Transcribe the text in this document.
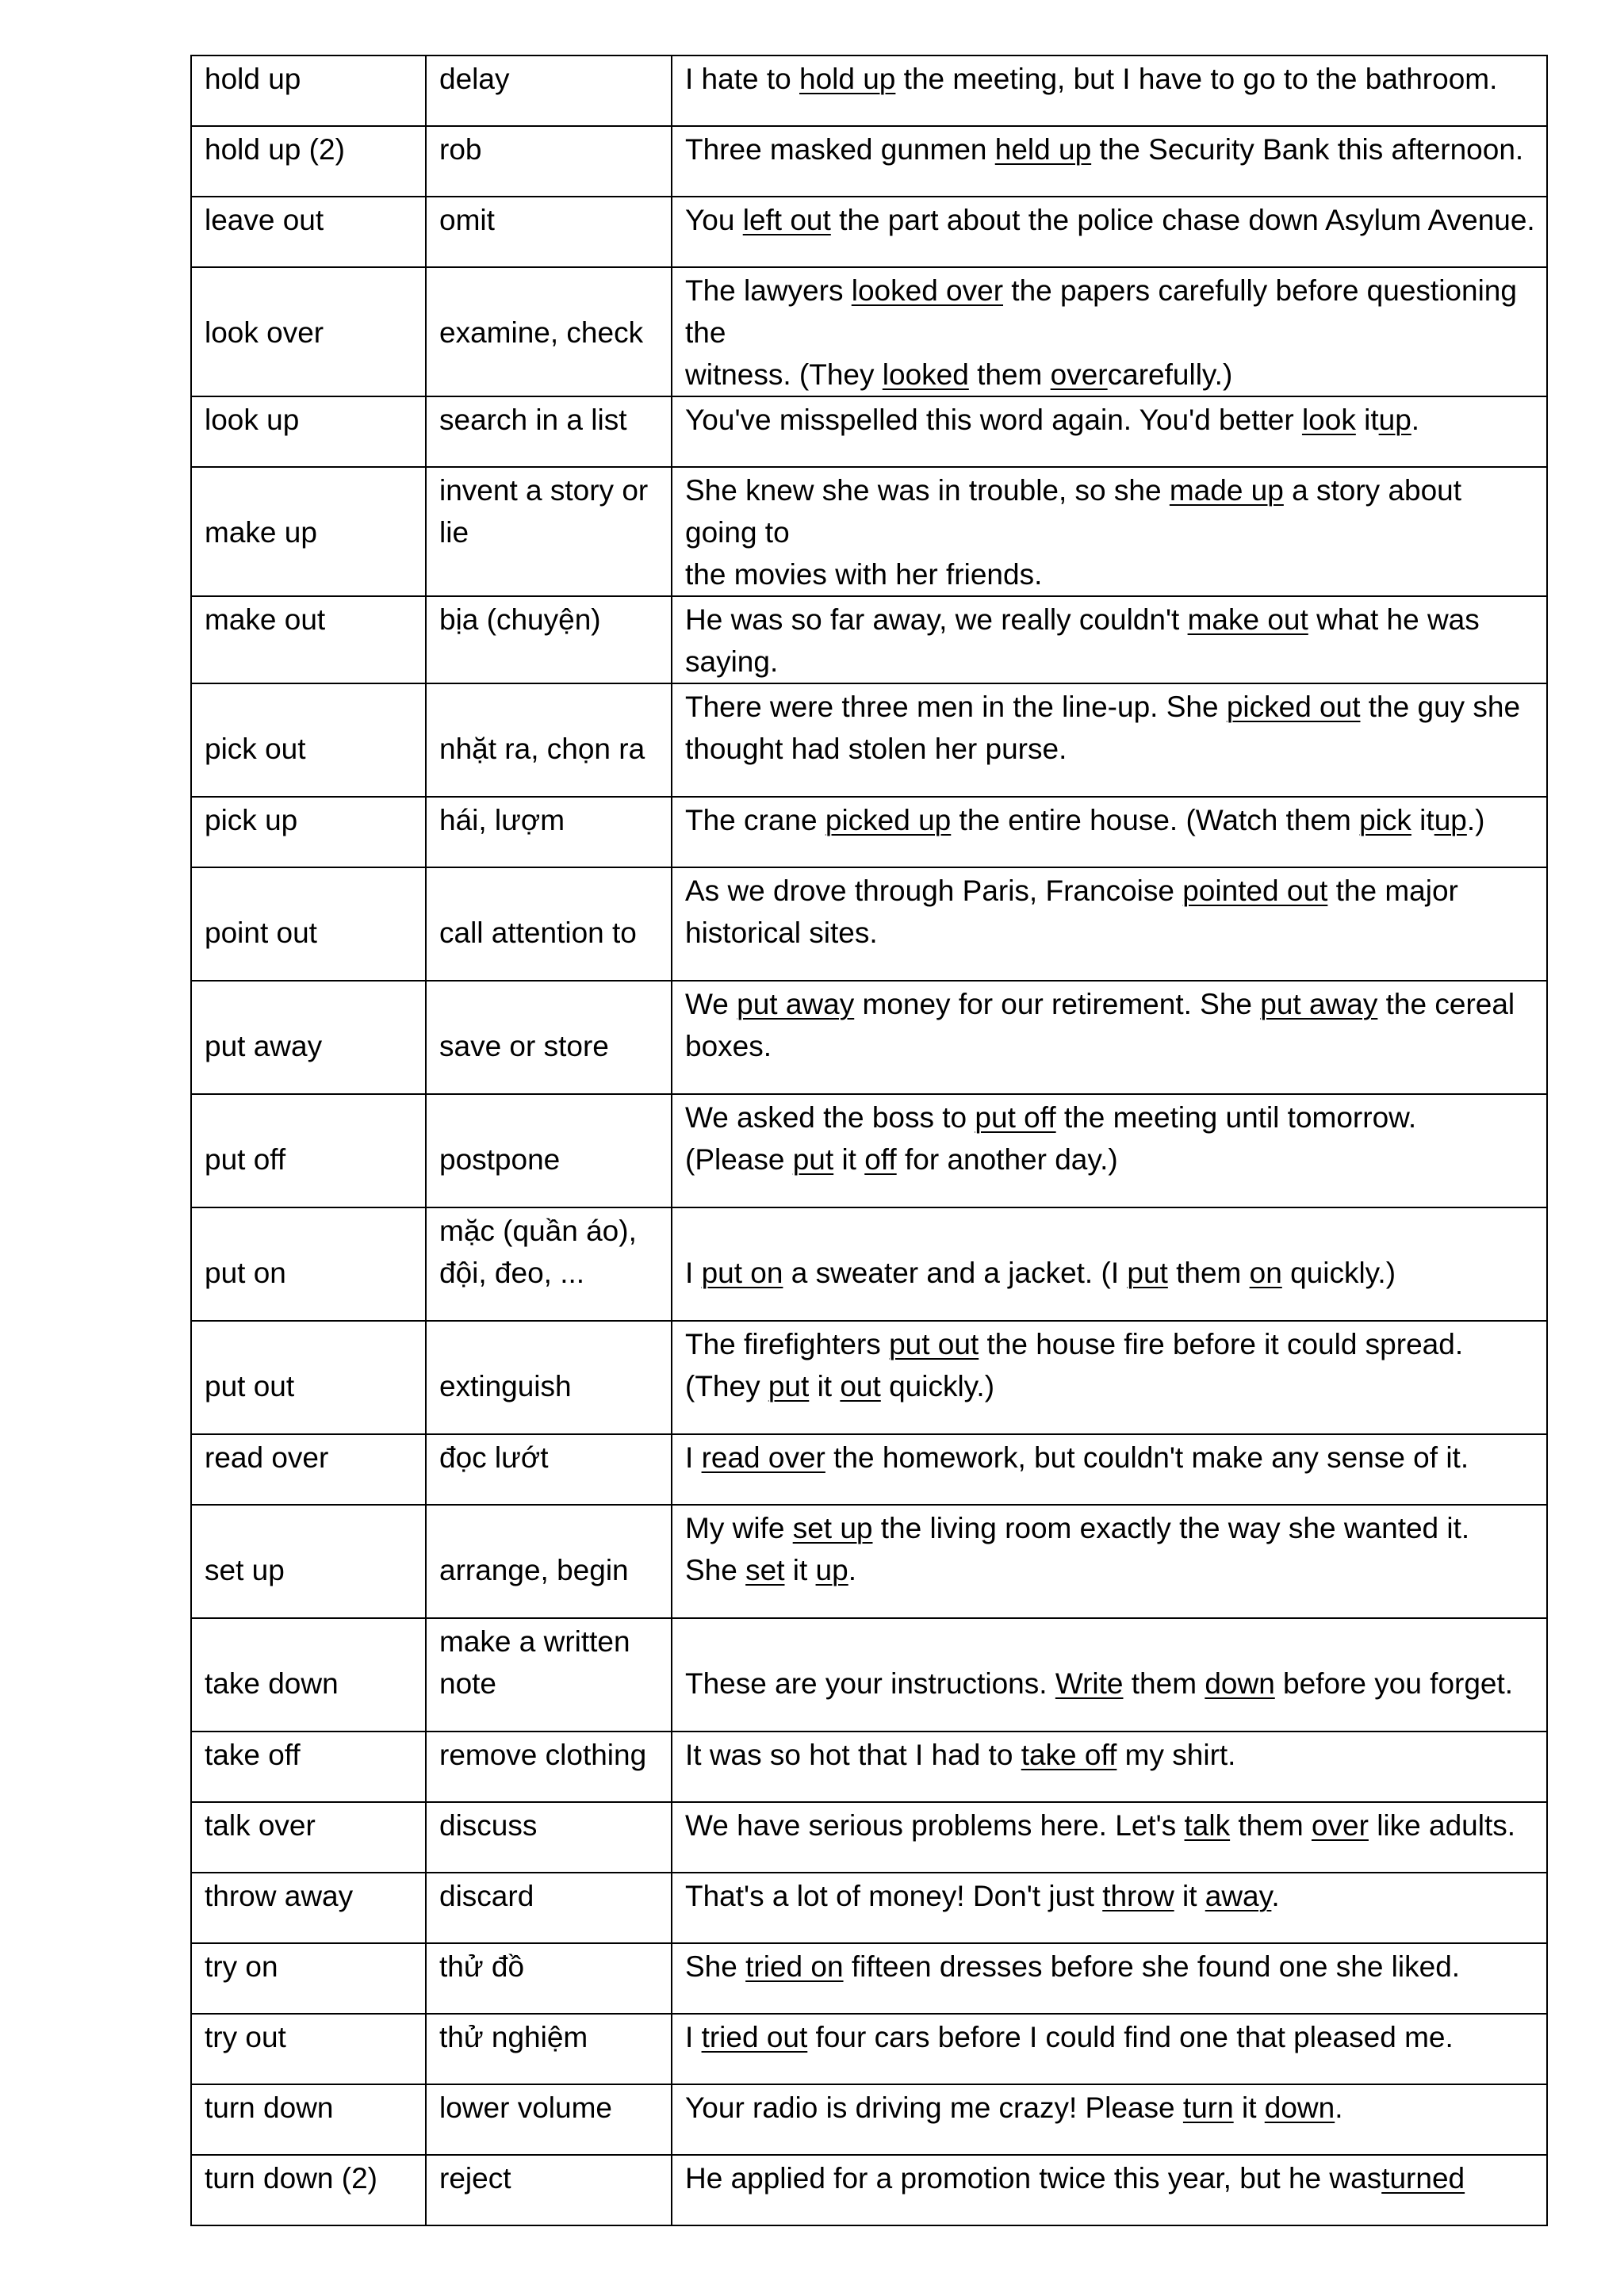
hold up	delay	I hate to hold up the meeting, but I have to go to the bathroom.

hold up (2)	rob	Three masked gunmen held up the Security Bank this afternoon.

leave out	omit	You left out the part about the police chase down Asylum Avenue.

look over	examine, check	The lawyers looked over the papers carefully before questioning the
witness. (They looked them overcarefully.)

look up	search in a list	You've misspelled this word again. You'd better look itup.

make up	invent a story or
lie	She knew she was in trouble, so she made up a story about going to
the movies with her friends.

make out	bịa (chuyện)	He was so far away, we really couldn't make out what he was saying.

pick out	nhặt ra, chọn ra	There were three men in the line-up. She picked out the guy she
thought had stolen her purse.

pick up	hái, lượm	The crane picked up the entire house. (Watch them pick itup.)

point out	call attention to	As we drove through Paris, Francoise pointed out the major
historical sites.

put away	save or store	We put away money for our retirement. She put away the cereal
boxes.

put off	postpone	We asked the boss to put off the meeting until tomorrow.
(Please put it off for another day.)

put on	mặc (quần áo),
đội, đeo, ...	I put on a sweater and a jacket. (I put them on quickly.)

put out	extinguish	The firefighters put out the house fire before it could spread.
(They put it out quickly.)

read over	đọc lướt	I read over the homework, but couldn't make any sense of it.

set up	arrange, begin	My wife set up the living room exactly the way she wanted it.
She set it up.

take down	make a written
note	These are your instructions. Write them down before you forget.

take off	remove clothing	It was so hot that I had to take off my shirt.

talk over	discuss	We have serious problems here. Let's talk them over like adults.

throw away	discard	That's a lot of money! Don't just throw it away.

try on	thử đồ	She tried on fifteen dresses before she found one she liked.

try out	thử nghiệm	I tried out four cars before I could find one that pleased me.

turn down	lower volume	Your radio is driving me crazy! Please turn it down.

turn down (2)	reject	He applied for a promotion twice this year, but he wasturned
